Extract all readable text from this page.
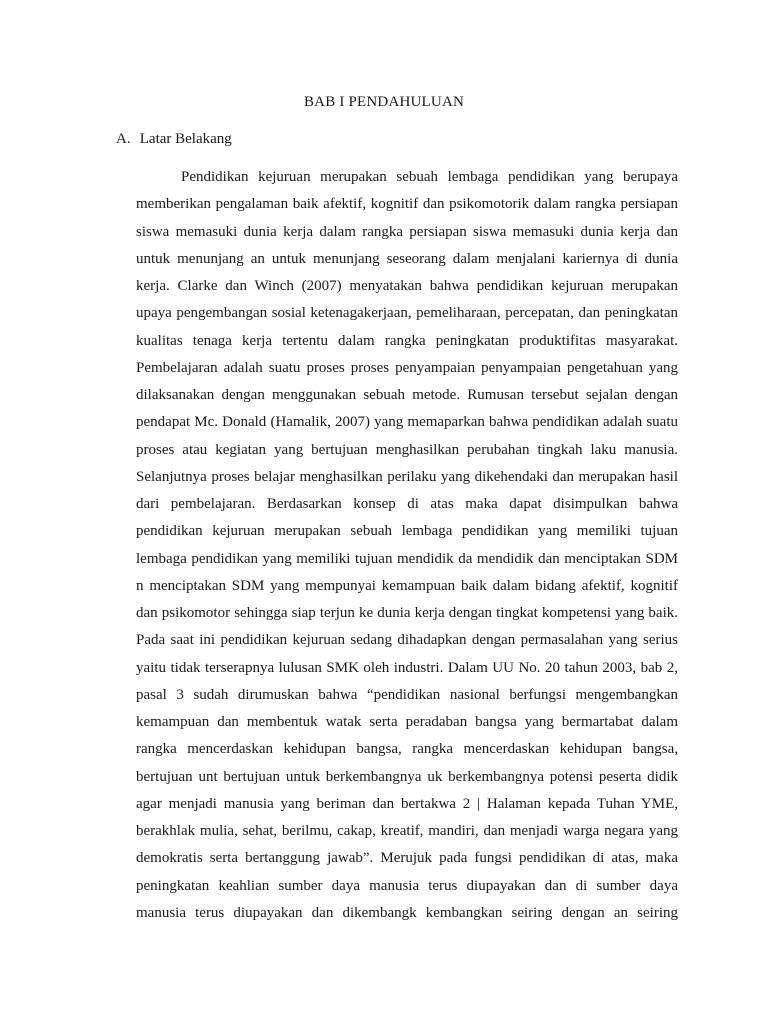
BAB I PENDAHULUAN
A. Latar Belakang
Pendidikan kejuruan merupakan sebuah lembaga pendidikan yang berupaya
memberikan pengalaman baik afektif, kognitif dan psikomotorik dalam rangka persiapan
siswa memasuki dunia kerja dalam rangka persiapan siswa memasuki dunia kerja dan
untuk menunjang an untuk menunjang seseorang dalam menjalani kariernya di dunia
kerja. Clarke dan Winch (2007) menyatakan bahwa pendidikan kejuruan merupakan
upaya pengembangan sosial ketenagakerjaan, pemeliharaan, percepatan, dan peningkatan
kualitas tenaga kerja tertentu dalam rangka peningkatan produktifitas masyarakat.
Pembelajaran adalah suatu proses proses penyampaian penyampaian pengetahuan yang
dilaksanakan dengan menggunakan sebuah metode. Rumusan tersebut sejalan dengan
pendapat Mc. Donald (Hamalik, 2007) yang memaparkan bahwa pendidikan adalah suatu
proses atau kegiatan yang bertujuan menghasilkan perubahan tingkah laku manusia.
Selanjutnya proses belajar menghasilkan perilaku yang dikehendaki dan merupakan hasil
dari pembelajaran. Berdasarkan konsep di atas maka dapat disimpulkan bahwa
pendidikan kejuruan merupakan sebuah lembaga pendidikan yang memiliki tujuan
lembaga pendidikan yang memiliki tujuan mendidik da mendidik dan menciptakan SDM
n menciptakan SDM yang mempunyai kemampuan baik dalam bidang afektif, kognitif
dan psikomotor sehingga siap terjun ke dunia kerja dengan tingkat kompetensi yang baik.
Pada saat ini pendidikan kejuruan sedang dihadapkan dengan permasalahan yang serius
yaitu tidak terserapnya lulusan SMK oleh industri. Dalam UU No. 20 tahun 2003, bab 2,
pasal 3 sudah dirumuskan bahwa “pendidikan nasional berfungsi mengembangkan
kemampuan dan membentuk watak serta peradaban bangsa yang bermartabat dalam
rangka mencerdaskan kehidupan bangsa, rangka mencerdaskan kehidupan bangsa,
bertujuan unt bertujuan untuk berkembangnya uk berkembangnya potensi peserta didik
agar menjadi manusia yang beriman dan bertakwa 2 | Halaman kepada Tuhan YME,
berakhlak mulia, sehat, berilmu, cakap, kreatif, mandiri, dan menjadi warga negara yang
demokratis serta bertanggung jawab”. Merujuk pada fungsi pendidikan di atas, maka
peningkatan keahlian sumber daya manusia terus diupayakan dan di sumber daya
manusia terus diupayakan dan dikembangk kembangkan seiring dengan an seiring
